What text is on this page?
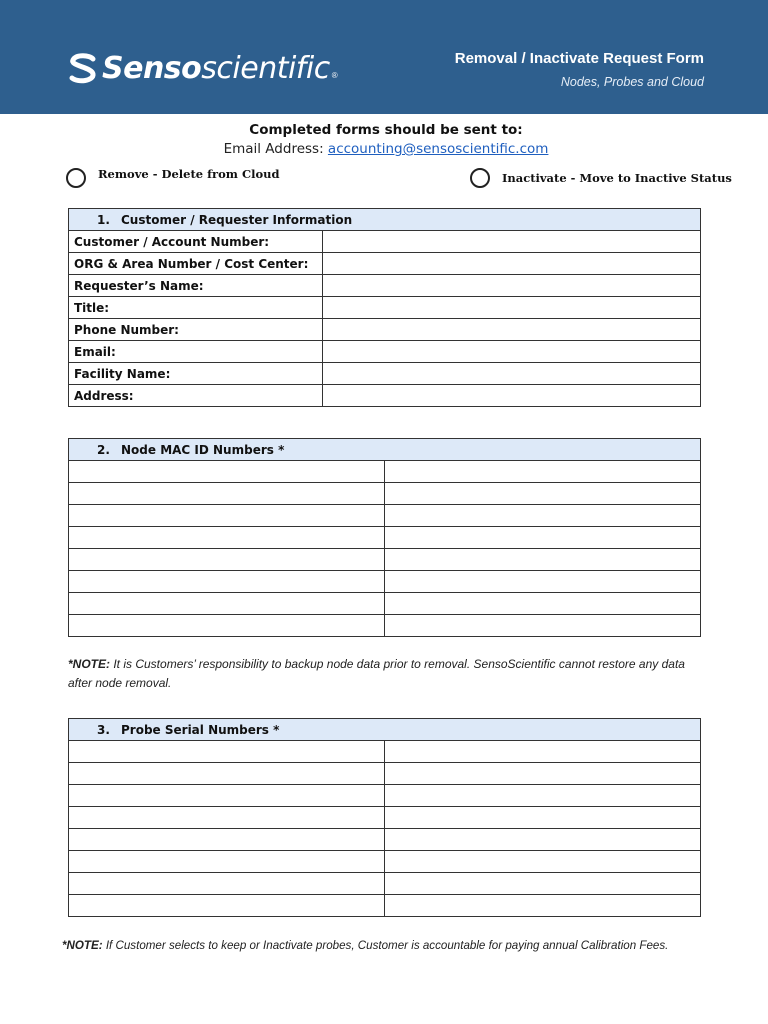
Senso scientific ®
Removal / Inactivate Request Form
Nodes, Probes and Cloud
Completed forms should be sent to:
Email Address: accounting@sensoscientific.com
Remove - Delete from Cloud	Inactivate - Move to Inactive Status
1. Customer / Requester Information	
Customer / Account Number:	
ORG & Area Number / Cost Center:	
Requester’s Name:	
Title:	
Phone Number:	
Email:	
Facility Name:	
Address:	
2. Node MAC ID Numbers *	

*NOTE: It is Customers’ responsibility to backup node data prior to removal. SensoScientific cannot restore any data after node removal.
3. Probe Serial Numbers *	

*NOTE: If Customer selects to keep or Inactivate probes, Customer is accountable for paying annual Calibration Fees.
